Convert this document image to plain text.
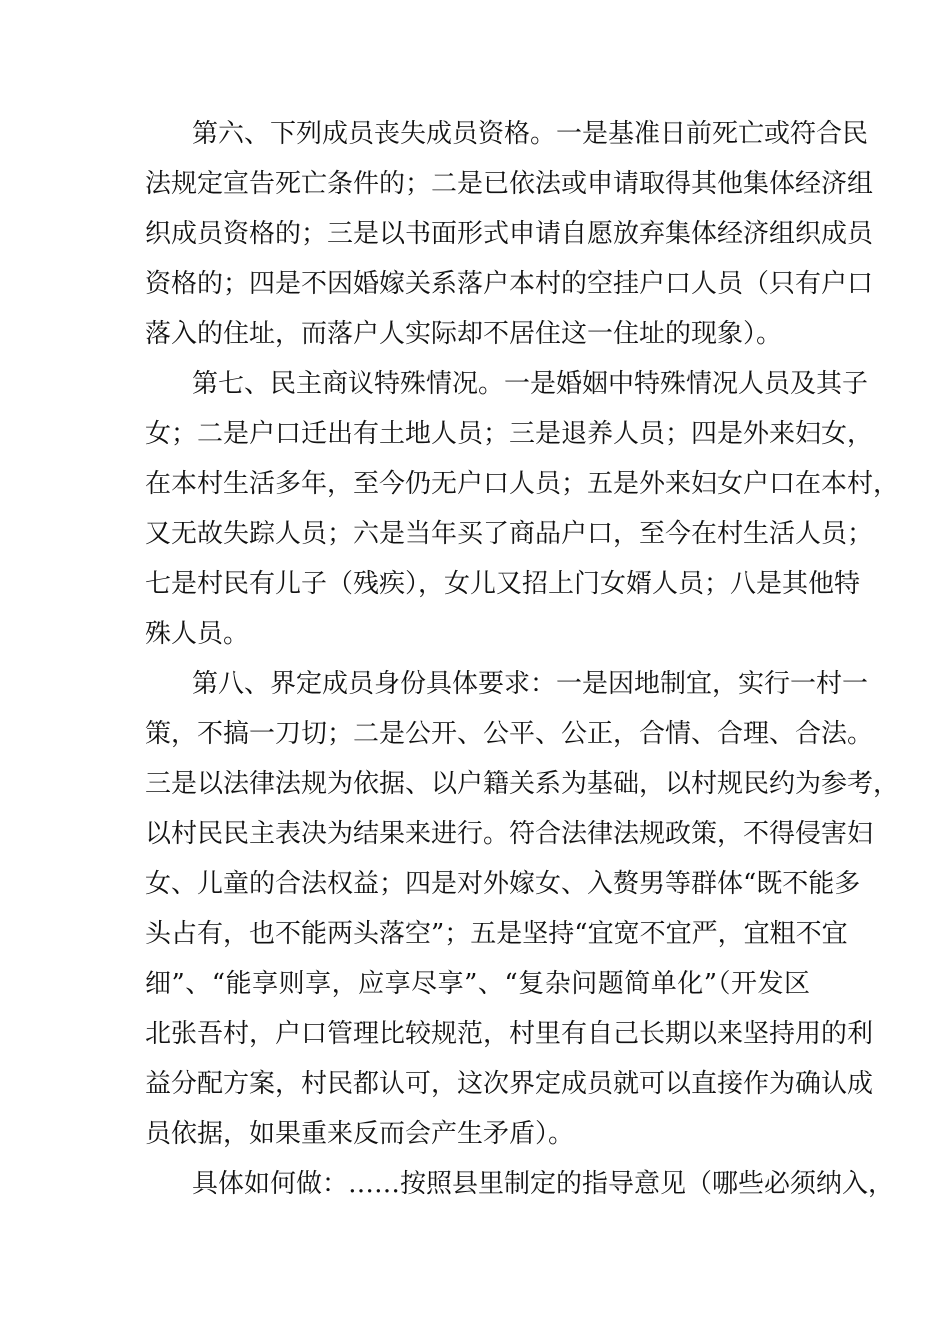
第六、下列成员丧失成员资格。一是基准日前死亡或符合民
法规定宣告死亡条件的；二是已依法或申请取得其他集体经济组
织成员资格的；三是以书面形式申请自愿放弃集体经济组织成员
资格的；四是不因婚嫁关系落户本村的空挂户口人员（只有户口
落入的住址，而落户人实际却不居住这一住址的现象）。
第七、民主商议特殊情况。一是婚姻中特殊情况人员及其子
女；二是户口迁出有土地人员；三是退养人员；四是外来妇女，
在本村生活多年，至今仍无户口人员；五是外来妇女户口在本村，
又无故失踪人员；六是当年买了商品户口，至今在村生活人员；
七是村民有儿子（残疾），女儿又招上门女婿人员；八是其他特
殊人员。
第八、界定成员身份具体要求：一是因地制宜，实行一村一
策，不搞一刀切；二是公开、公平、公正，合情、合理、合法。
三是以法律法规为依据、以户籍关系为基础，以村规民约为参考，
以村民民主表决为结果来进行。符合法律法规政策，不得侵害妇
女、儿童的合法权益；四是对外嫁女、入赘男等群体“既不能多
头占有，也不能两头落空”；五是坚持“宜宽不宜严，宜粗不宜
细”、“能享则享，应享尽享”、“复杂问题简单化”（开发区
北张吾村，户口管理比较规范，村里有自己长期以来坚持用的利
益分配方案，村民都认可，这次界定成员就可以直接作为确认成
员依据，如果重来反而会产生矛盾）。
具体如何做：……按照县里制定的指导意见（哪些必须纳入，
